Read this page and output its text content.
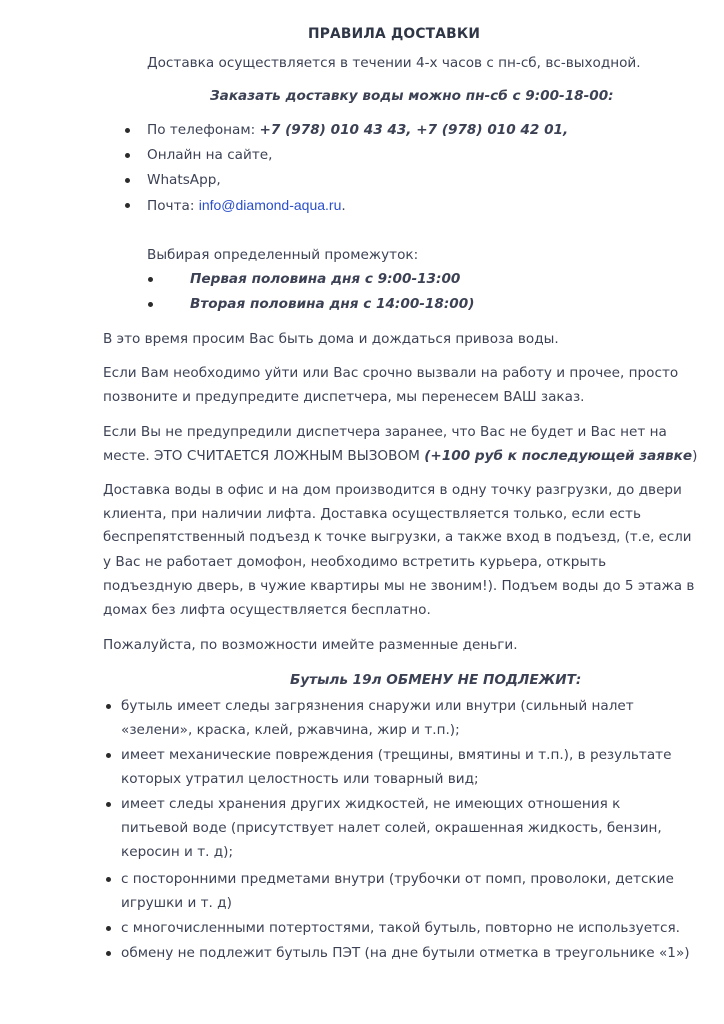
ПРАВИЛА ДОСТАВКИ
Доставка осуществляется в течении 4-х часов с пн-сб, вс-выходной.
Заказать доставку воды можно пн-сб с 9:00-18-00:
По телефонам: +7 (978) 010 43 43, +7 (978) 010 42 01,
Онлайн на сайте,
WhatsApp,
Почта: info@diamond-aqua.ru.
Выбирая определенный промежуток:
Первая половина дня с 9:00-13:00
Вторая половина дня с 14:00-18:00)
В это время просим Вас быть дома и дождаться привоза воды.
Если Вам необходимо уйти или Вас срочно вызвали на работу и прочее, просто
позвоните и предупредите диспетчера, мы перенесем ВАШ заказ.
Если Вы не предупредили диспетчера заранее, что Вас не будет и Вас нет на
месте. ЭТО СЧИТАЕТСЯ ЛОЖНЫМ ВЫЗОВОМ (+100 руб к последующей заявке)
Доставка воды в офис и на дом производится в одну точку разгрузки, до двери
клиента, при наличии лифта. Доставка осуществляется только, если есть
беспрепятственный подъезд к точке выгрузки, а также вход в подъезд, (т.е, если
у Вас не работает домофон, необходимо встретить курьера, открыть
подъездную дверь, в чужие квартиры мы не звоним!). Подъем воды до 5 этажа в
домах без лифта осуществляется бесплатно.
Пожалуйста, по возможности имейте разменные деньги.
Бутыль 19л ОБМЕНУ НЕ ПОДЛЕЖИТ:
бутыль имеет следы загрязнения снаружи или внутри (сильный налет
«зелени», краска, клей, ржавчина, жир и т.п.);
имеет механические повреждения (трещины, вмятины и т.п.), в результате
которых утратил целостность или товарный вид;
имеет следы хранения других жидкостей, не имеющих отношения к
питьевой воде (присутствует налет солей, окрашенная жидкость, бензин,
керосин и т. д);
с посторонними предметами внутри (трубочки от помп, проволоки, детские
игрушки и т. д)
с многочисленными потертостями, такой бутыль, повторно не используется.
обмену не подлежит бутыль ПЭТ (на дне бутыли отметка в треугольнике «1»)
